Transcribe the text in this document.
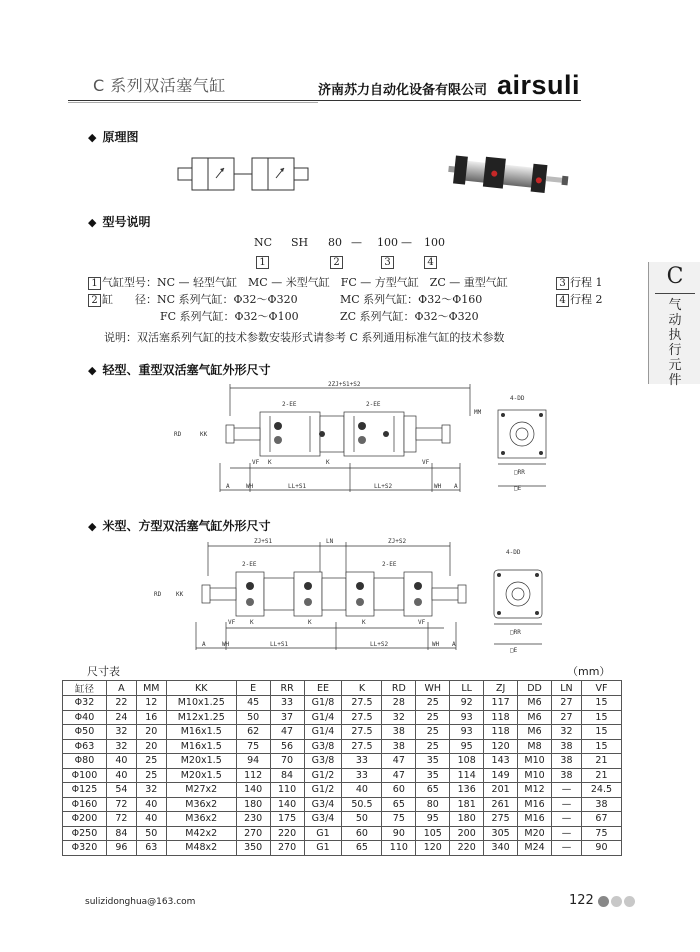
C 系列双活塞气缸	济南苏力自动化设备有限公司 airsuli
C
气动执行元件
◆ 原理图
◆ 型号说明
NC SH 80 — 100 — 100
1	2	3	4
1 气缸型号：NC — 轻型气缸　MC — 米型气缸　FC — 方型气缸　ZC — 重型气缸	3 行程 1
2 缸　　径：NC 系列气缸：Φ32～Φ320	MC 系列气缸：Φ32～Φ160	4 行程 2
FC 系列气缸：Φ32～Φ100	ZC 系列气缸：Φ32～Φ320
说明：双活塞系列气缸的技术参数安装形式请参考 C 系列通用标准气缸的技术参数
◆ 轻型、重型双活塞气缸外形尺寸
2ZJ+S1+S2
2-EE	2-EE
MM
4-DD
RD	KK
VF K	K	VF
A	WH	LL+S1	LL+S2	WH A
□RR
□E
◆ 米型、方型双活塞气缸外形尺寸
ZJ+S1	LN	ZJ+S2
2-EE	2-EE
4-DD
RD KK
VF K	K	K	VF
A	WH	LL+S1	LL+S2	WH A
□RR
□E
尺寸表	（mm）
缸径	A	MM	KK	E	RR	EE	K	RD	WH	LL	ZJ	DD	LN	VF
Φ32	22	12	M10x1.25	45	33	G1/8	27.5	28	25	92	117	M6	27	15
Φ40	24	16	M12x1.25	50	37	G1/4	27.5	32	25	93	118	M6	27	15
Φ50	32	20	M16x1.5	62	47	G1/4	27.5	38	25	93	118	M6	32	15
Φ63	32	20	M16x1.5	75	56	G3/8	27.5	38	25	95	120	M8	38	15
Φ80	40	25	M20x1.5	94	70	G3/8	33	47	35	108	143	M10	38	21
Φ100	40	25	M20x1.5	112	84	G1/2	33	47	35	114	149	M10	38	21
Φ125	54	32	M27x2	140	110	G1/2	40	60	65	136	201	M12	—	24.5
Φ160	72	40	M36x2	180	140	G3/4	50.5	65	80	181	261	M16	—	38
Φ200	72	40	M36x2	230	175	G3/4	50	75	95	180	275	M16	—	67
Φ250	84	50	M42x2	270	220	G1	60	90	105	200	305	M20	—	75
Φ320	96	63	M48x2	350	270	G1	65	110	120	220	340	M24	—	90
sulizidonghua@163.com	122
